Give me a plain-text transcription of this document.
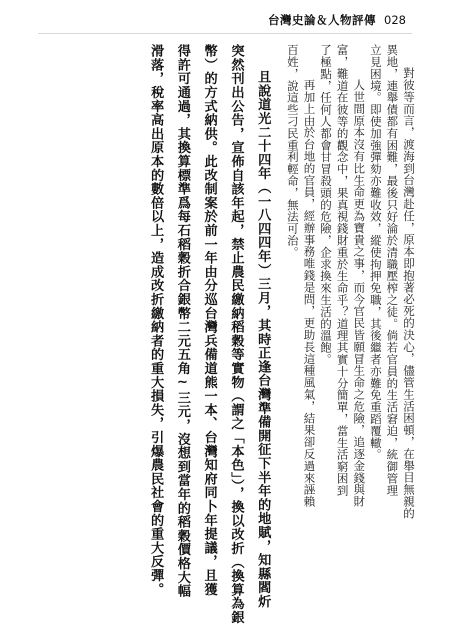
台灣史論＆人物評傳 028
對彼等而言，渡海到台灣赴任，原本即抱著必死的決心，儘管生活困頓，在舉目無親的
異地，連舉債都有困難，最後只好淪於清職壓榨之徒。倘若官員的生活窘迫，統御管理
立見困境。即使加強彈劾亦難收效，縱使拘押免職，其後繼者亦難免重蹈覆轍。
人世間原本沒有比生命更為寶貴之事，而今官民皆願冒生命之危險，追逐金錢與財
富，難道在彼等的觀念中，果真視錢財重於生命乎？道理其實十分簡單，當生活窮困到
了極點，任何人都會甘冒殺頭的危險，企求換來生活的溫飽。
再加上由於台地的官員，經辦事務唯錢是問，更助長這種風氣，結果卻反過來誣賴
百姓，說這些刁民重利輕命，無法可治。
且說道光二十四年（一八四四年）三月，其時正逢台灣準備開征下半年的地賦，知縣閻炘
突然刊出公告，宣佈自該年起，禁止農民繳納稻穀等實物（謂之「本色」），換以改折（換算為銀
幣）的方式納供。此改制案於前一年由分巡台灣兵備道熊一本、台灣知府同卜年提議，且獲
得許可通過，其換算標準爲每石稻穀折合銀幣二元五角∼三元，沒想到當年的稻穀價格大幅
滑落，稅率高出原本的數倍以上，造成改折繳納者的重大損失，引爆農民社會的重大反彈。
